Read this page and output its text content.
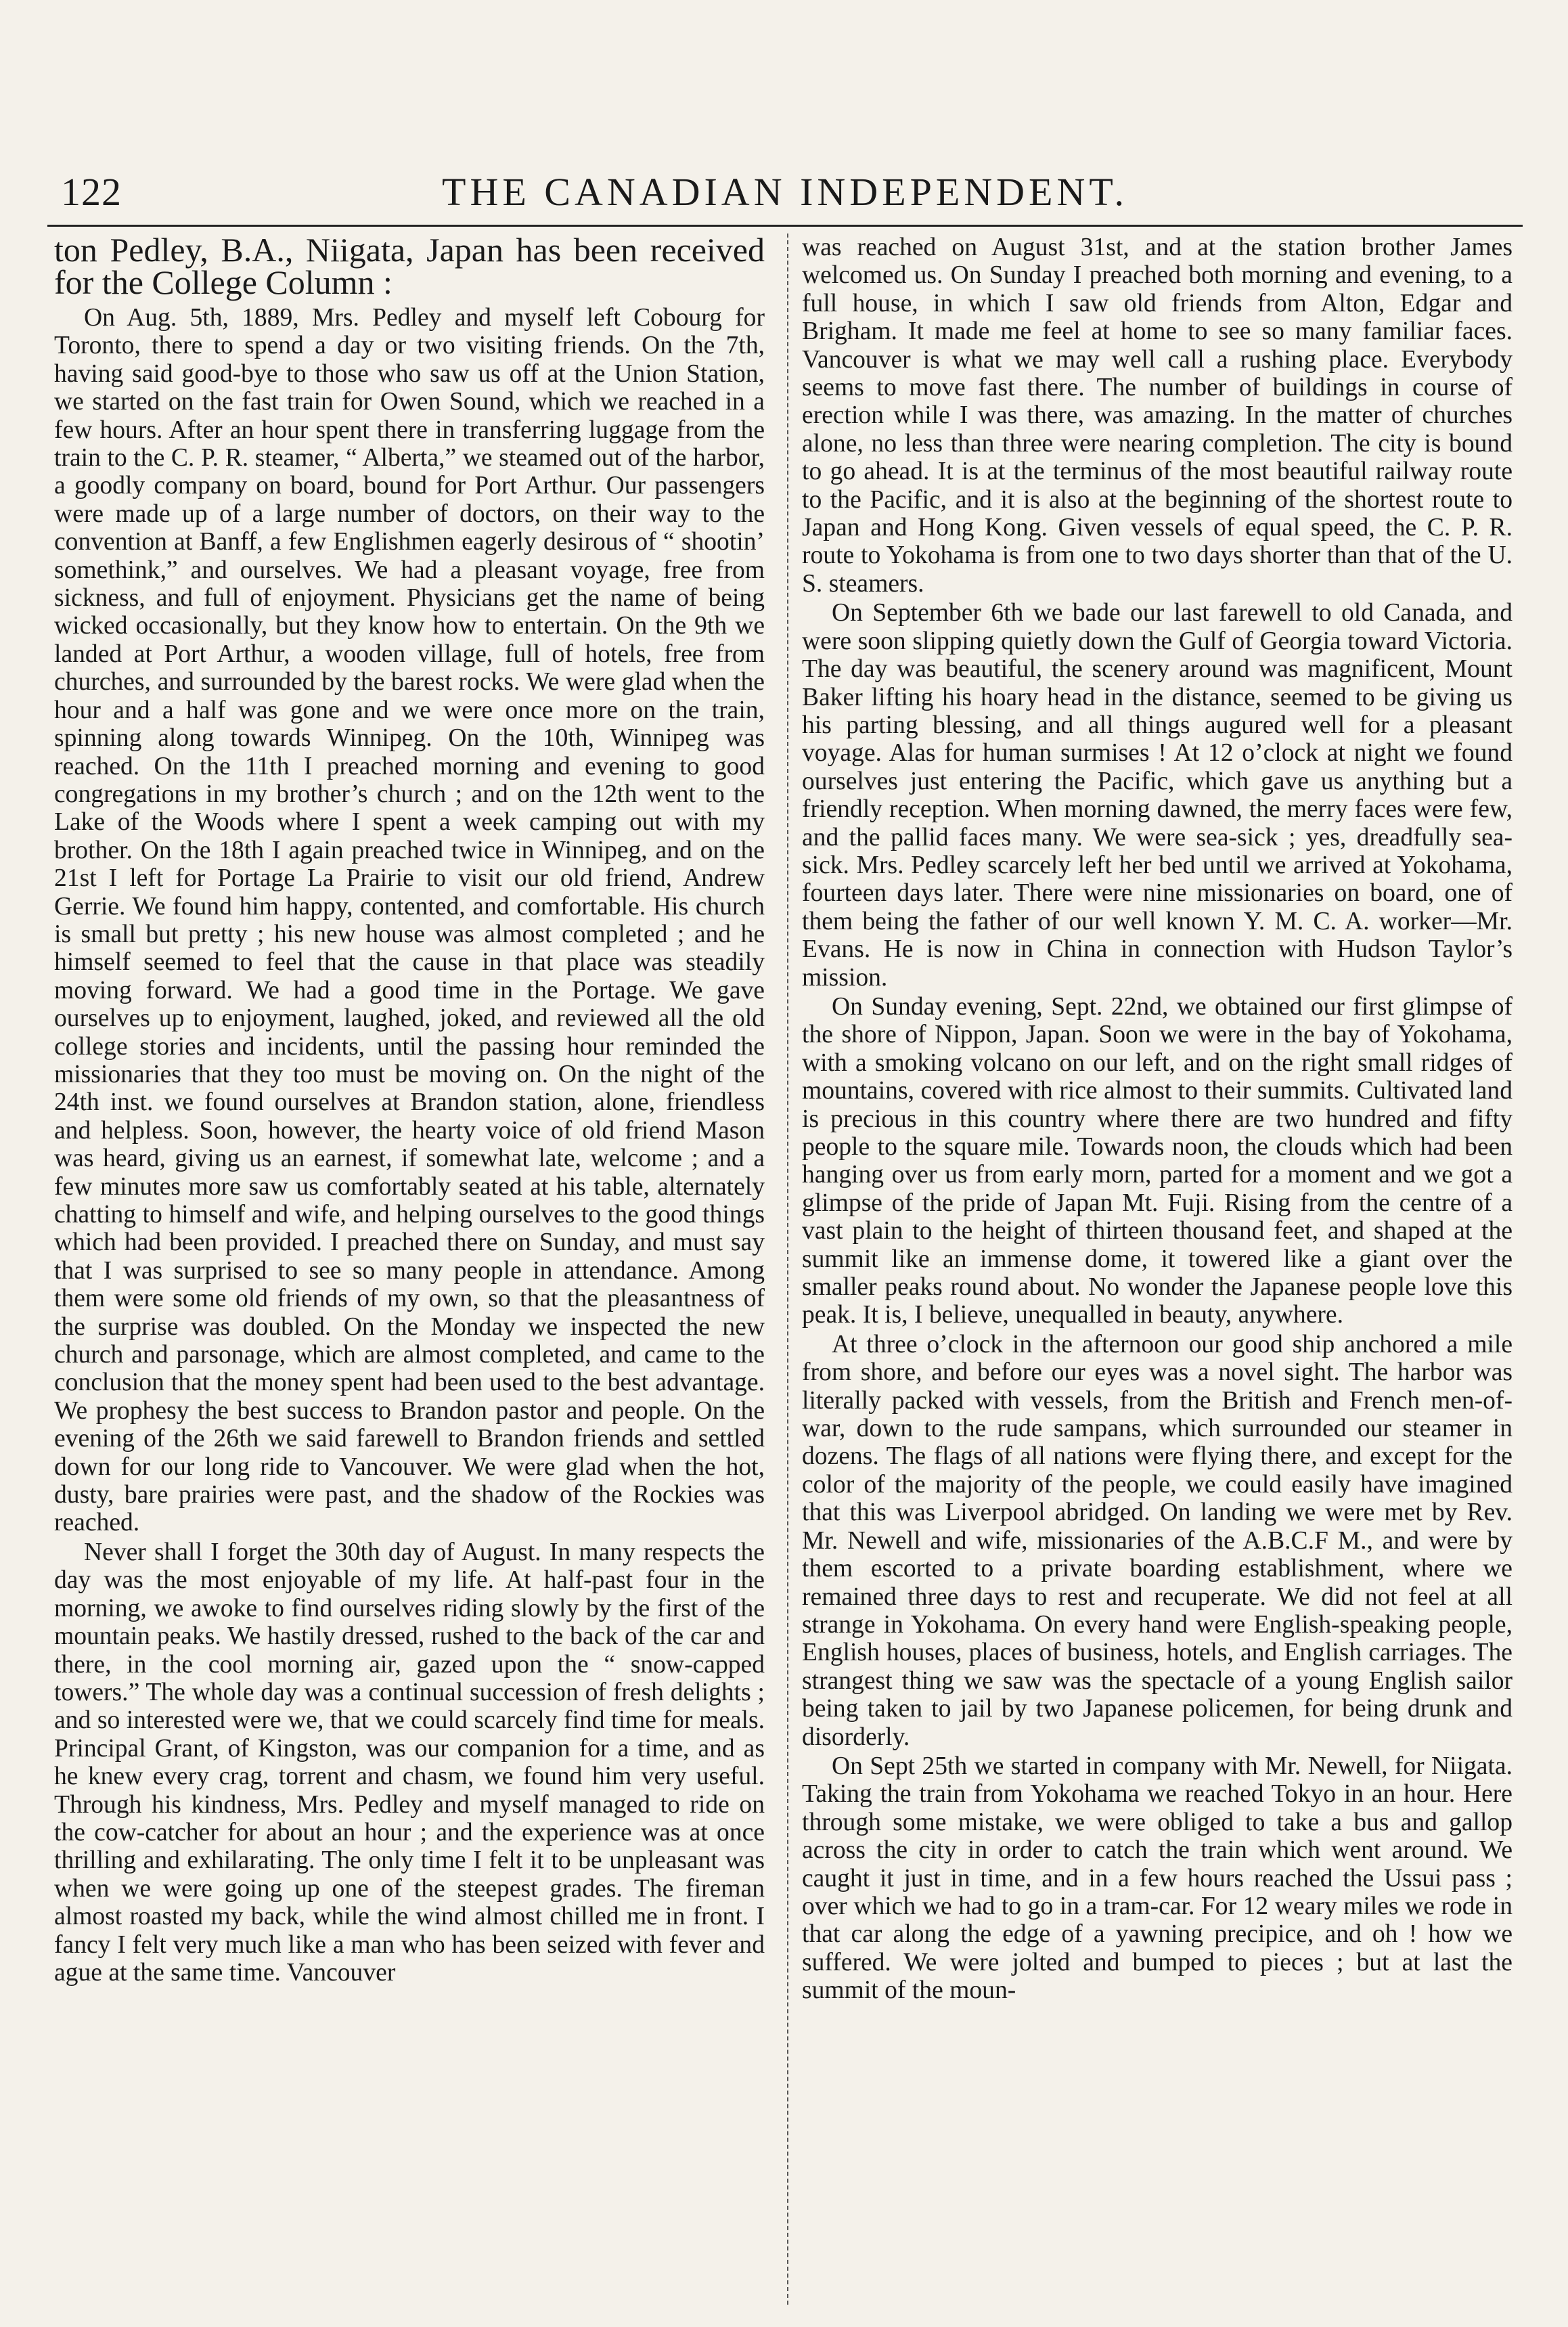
122	THE CANADIAN INDEPENDENT.

ton Pedley, B.A., Niigata, Japan has been received for the College Column :

On Aug. 5th, 1889, Mrs. Pedley and myself left Cobourg for Toronto, there to spend a day or two visiting friends. On the 7th, having said good-bye to those who saw us off at the Union Station, we started on the fast train for Owen Sound, which we reached in a few hours. After an hour spent there in transferring luggage from the train to the C. P. R. steamer, “ Alberta,” we steamed out of the harbor, a goodly company on board, bound for Port Arthur. Our passengers were made up of a large number of doctors, on their way to the convention at Banff, a few Englishmen eagerly desirous of “ shootin’ somethink,” and ourselves. We had a pleasant voyage, free from sickness, and full of enjoyment. Physicians get the name of being wicked occasionally, but they know how to entertain. On the 9th we landed at Port Arthur, a wooden village, full of hotels, free from churches, and surrounded by the barest rocks. We were glad when the hour and a half was gone and we were once more on the train, spinning along towards Winnipeg. On the 10th, Winnipeg was reached. On the 11th I preached morning and evening to good congregations in my brother’s church ; and on the 12th went to the Lake of the Woods where I spent a week camping out with my brother. On the 18th I again preached twice in Winnipeg, and on the 21st I left for Portage La Prairie to visit our old friend, Andrew Gerrie. We found him happy, contented, and comfortable. His church is small but pretty ; his new house was almost completed ; and he himself seemed to feel that the cause in that place was steadily moving forward. We had a good time in the Portage. We gave ourselves up to enjoyment, laughed, joked, and reviewed all the old college stories and incidents, until the passing hour reminded the missionaries that they too must be moving on. On the night of the 24th inst. we found ourselves at Brandon station, alone, friendless and helpless. Soon, however, the hearty voice of old friend Mason was heard, giving us an earnest, if somewhat late, welcome ; and a few minutes more saw us comfortably seated at his table, alternately chatting to himself and wife, and helping ourselves to the good things which had been provided. I preached there on Sunday, and must say that I was surprised to see so many people in attendance. Among them were some old friends of my own, so that the pleasantness of the surprise was doubled. On the Monday we inspected the new church and parsonage, which are almost completed, and came to the conclusion that the money spent had been used to the best advantage. We prophesy the best success to Brandon pastor and people. On the evening of the 26th we said farewell to Brandon friends and settled down for our long ride to Vancouver. We were glad when the hot, dusty, bare prairies were past, and the shadow of the Rockies was reached.

Never shall I forget the 30th day of August. In many respects the day was the most enjoyable of my life. At half-past four in the morning, we awoke to find ourselves riding slowly by the first of the mountain peaks. We hastily dressed, rushed to the back of the car and there, in the cool morning air, gazed upon the “ snow-capped towers.” The whole day was a continual succession of fresh delights ; and so interested were we, that we could scarcely find time for meals. Principal Grant, of Kingston, was our companion for a time, and as he knew every crag, torrent and chasm, we found him very useful. Through his kindness, Mrs. Pedley and myself managed to ride on the cow-catcher for about an hour ; and the experience was at once thrilling and exhilarating. The only time I felt it to be unpleasant was when we were going up one of the steepest grades. The fireman almost roasted my back, while the wind almost chilled me in front. I fancy I felt very much like a man who has been seized with fever and ague at the same time. Vancouver

was reached on August 31st, and at the station brother James welcomed us. On Sunday I preached both morning and evening, to a full house, in which I saw old friends from Alton, Edgar and Brigham. It made me feel at home to see so many familiar faces. Vancouver is what we may well call a rushing place. Everybody seems to move fast there. The number of buildings in course of erection while I was there, was amazing. In the matter of churches alone, no less than three were nearing completion. The city is bound to go ahead. It is at the terminus of the most beautiful railway route to the Pacific, and it is also at the beginning of the shortest route to Japan and Hong Kong. Given vessels of equal speed, the C. P. R. route to Yokohama is from one to two days shorter than that of the U. S. steamers.

On September 6th we bade our last farewell to old Canada, and were soon slipping quietly down the Gulf of Georgia toward Victoria. The day was beautiful, the scenery around was magnificent, Mount Baker lifting his hoary head in the distance, seemed to be giving us his parting blessing, and all things augured well for a pleasant voyage. Alas for human surmises ! At 12 o’clock at night we found ourselves just entering the Pacific, which gave us anything but a friendly reception. When morning dawned, the merry faces were few, and the pallid faces many. We were sea-sick ; yes, dreadfully sea-sick. Mrs. Pedley scarcely left her bed until we arrived at Yokohama, fourteen days later. There were nine missionaries on board, one of them being the father of our well known Y. M. C. A. worker—Mr. Evans. He is now in China in connection with Hudson Taylor’s mission.

On Sunday evening, Sept. 22nd, we obtained our first glimpse of the shore of Nippon, Japan. Soon we were in the bay of Yokohama, with a smoking volcano on our left, and on the right small ridges of mountains, covered with rice almost to their summits. Cultivated land is precious in this country where there are two hundred and fifty people to the square mile. Towards noon, the clouds which had been hanging over us from early morn, parted for a moment and we got a glimpse of the pride of Japan Mt. Fuji. Rising from the centre of a vast plain to the height of thirteen thousand feet, and shaped at the summit like an immense dome, it towered like a giant over the smaller peaks round about. No wonder the Japanese people love this peak. It is, I believe, unequalled in beauty, anywhere.

At three o’clock in the afternoon our good ship anchored a mile from shore, and before our eyes was a novel sight. The harbor was literally packed with vessels, from the British and French men-of-war, down to the rude sampans, which surrounded our steamer in dozens. The flags of all nations were flying there, and except for the color of the majority of the people, we could easily have imagined that this was Liverpool abridged. On landing we were met by Rev. Mr. Newell and wife, missionaries of the A.B.C.F M., and were by them escorted to a private boarding establishment, where we remained three days to rest and recuperate. We did not feel at all strange in Yokohama. On every hand were English-speaking people, English houses, places of business, hotels, and English carriages. The strangest thing we saw was the spectacle of a young English sailor being taken to jail by two Japanese policemen, for being drunk and disorderly.

On Sept 25th we started in company with Mr. Newell, for Niigata. Taking the train from Yokohama we reached Tokyo in an hour. Here through some mistake, we were obliged to take a bus and gallop across the city in order to catch the train which went around. We caught it just in time, and in a few hours reached the Ussui pass ; over which we had to go in a tram-car. For 12 weary miles we rode in that car along the edge of a yawning precipice, and oh ! how we suffered. We were jolted and bumped to pieces ; but at last the summit of the moun-
